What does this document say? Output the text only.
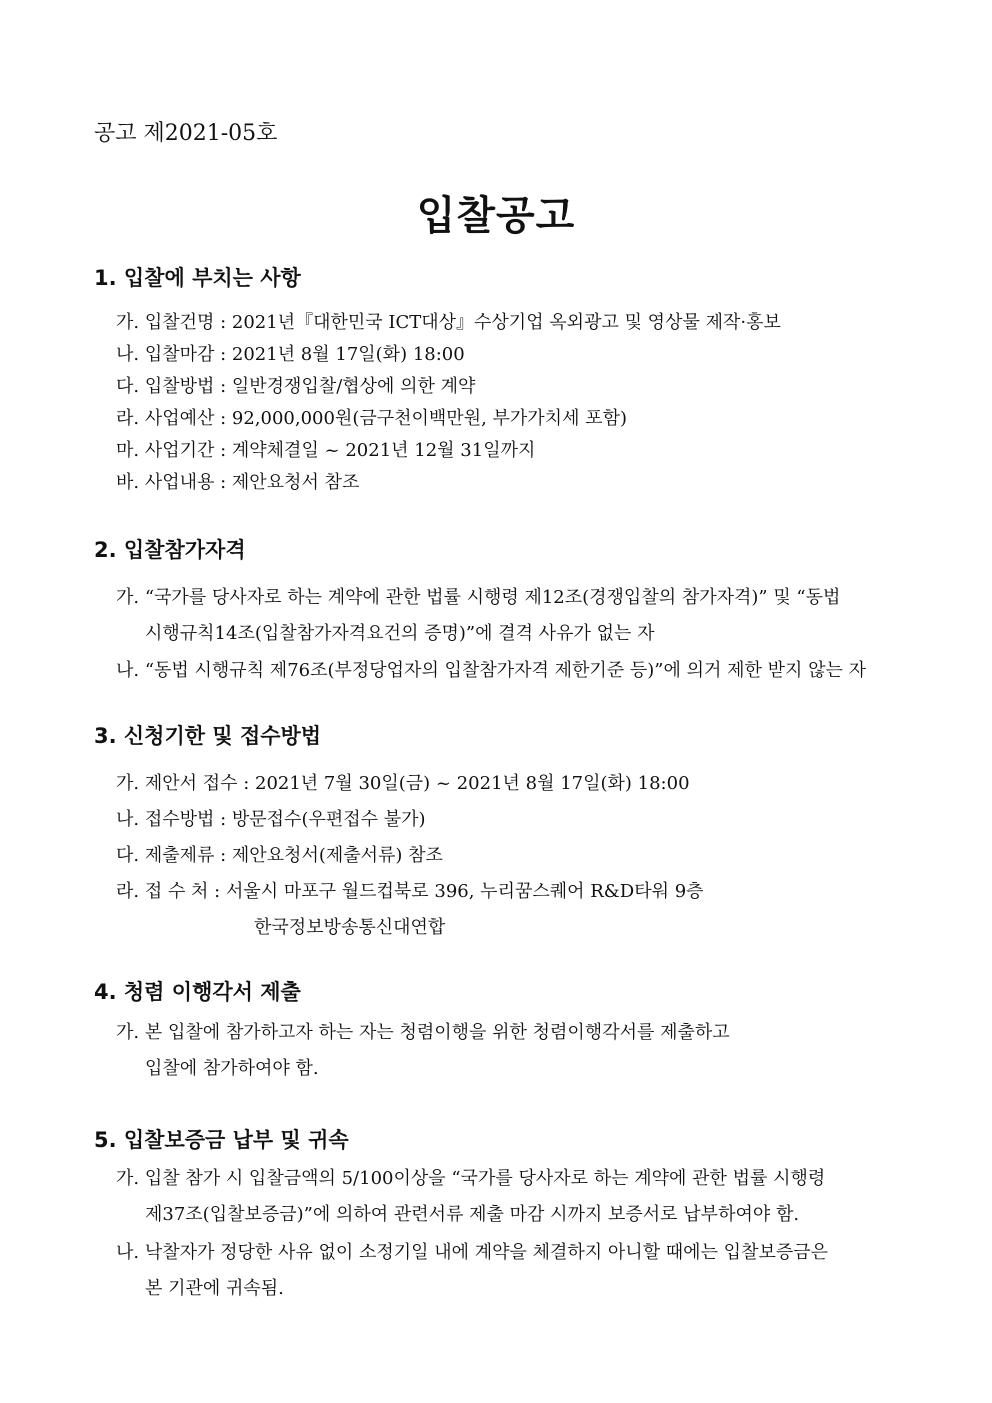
공고 제2021-05호
입찰공고
1. 입찰에 부치는 사항
가. 입찰건명 : 2021년『대한민국 ICT대상』수상기업 옥외광고 및 영상물 제작·홍보
나. 입찰마감 : 2021년 8월 17일(화) 18:00
다. 입찰방법 : 일반경쟁입찰/협상에 의한 계약
라. 사업예산 : 92,000,000원(금구천이백만원, 부가가치세 포함)
마. 사업기간 : 계약체결일 ~ 2021년 12월 31일까지
바. 사업내용 : 제안요청서 참조
2. 입찰참가자격
가. “국가를 당사자로 하는 계약에 관한 법률 시행령 제12조(경쟁입찰의 참가자격)” 및 “동법
시행규칙14조(입찰참가자격요건의 증명)”에 결격 사유가 없는 자
나. “동법 시행규칙 제76조(부정당업자의 입찰참가자격 제한기준 등)”에 의거 제한 받지 않는 자
3. 신청기한 및 접수방법
가. 제안서 접수 : 2021년 7월 30일(금) ~ 2021년 8월 17일(화) 18:00
나. 접수방법 : 방문접수(우편접수 불가)
다. 제출제류 : 제안요청서(제출서류) 참조
라. 접 수 처 : 서울시 마포구 월드컵북로 396, 누리꿈스퀘어 R&D타워 9층
한국정보방송통신대연합
4. 청렴 이행각서 제출
가. 본 입찰에 참가하고자 하는 자는 청렴이행을 위한 청렴이행각서를 제출하고
입찰에 참가하여야 함.
5. 입찰보증금 납부 및 귀속
가. 입찰 참가 시 입찰금액의 5/100이상을 “국가를 당사자로 하는 계약에 관한 법률 시행령
제37조(입찰보증금)”에 의하여 관련서류 제출 마감 시까지 보증서로 납부하여야 함.
나. 낙찰자가 정당한 사유 없이 소정기일 내에 계약을 체결하지 아니할 때에는 입찰보증금은
본 기관에 귀속됨.
